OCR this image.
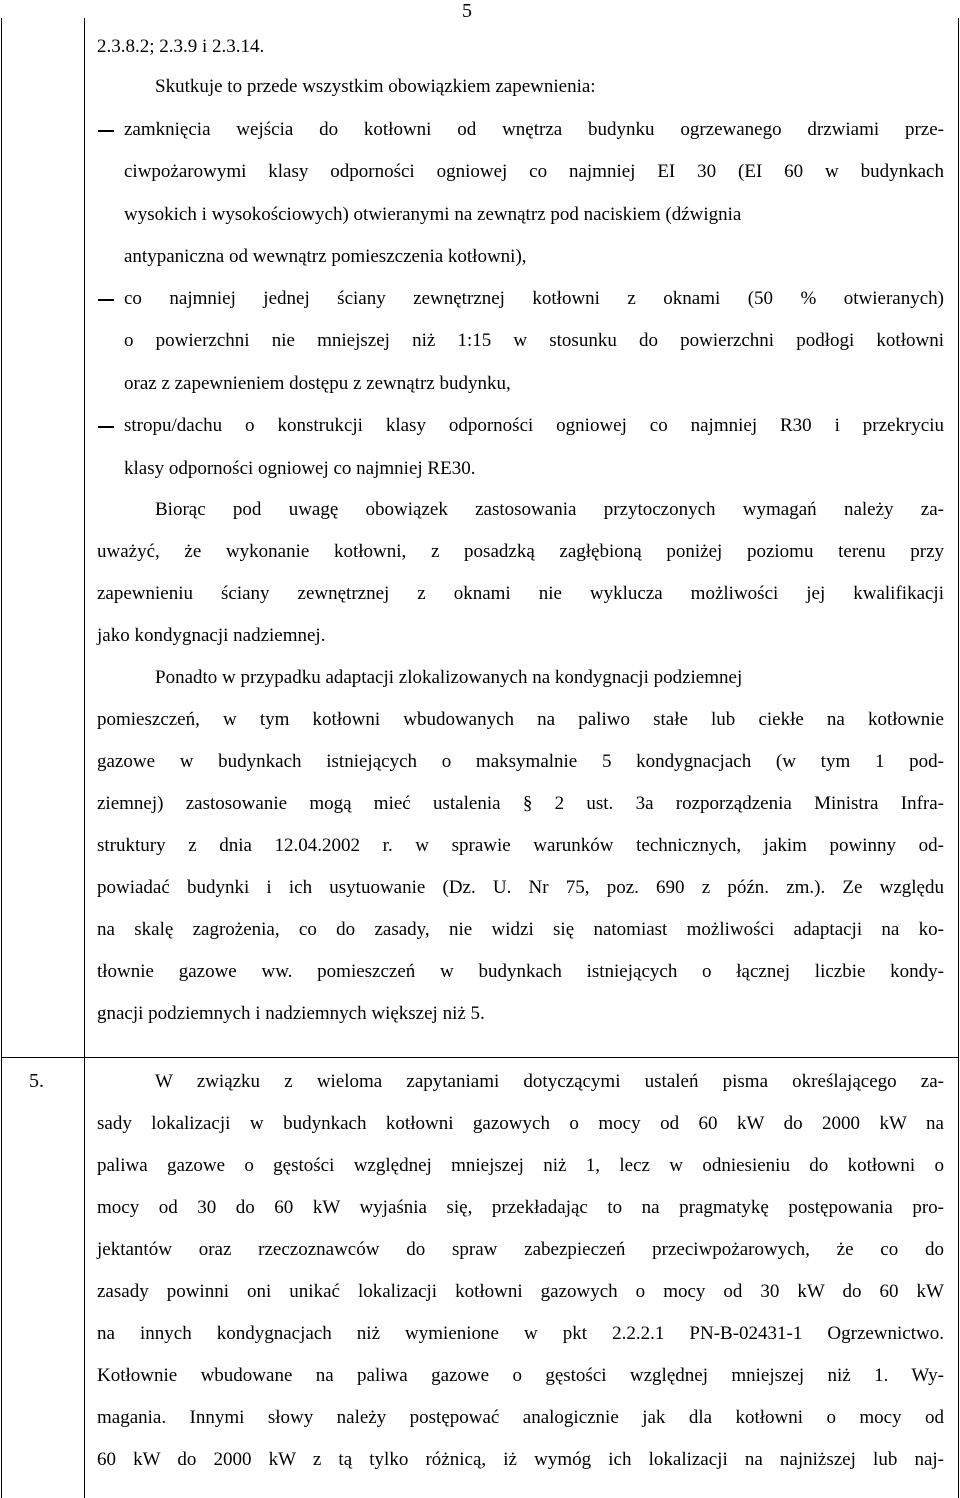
5
5.
2.3.8.2; 2.3.9 i 2.3.14.
Skutkuje to przede wszystkim obowiązkiem zapewnienia:
zamknięcia wejścia do kotłowni od wnętrza budynku ogrzewanego drzwiami prze-
ciwpożarowymi klasy odporności ogniowej co najmniej EI 30 (EI 60 w budynkach
wysokich i wysokościowych) otwieranymi na zewnątrz pod naciskiem (dźwignia
antypaniczna od wewnątrz pomieszczenia kotłowni),
co najmniej jednej ściany zewnętrznej kotłowni z oknami (50 % otwieranych)
o powierzchni nie mniejszej niż 1:15 w stosunku do powierzchni podłogi kotłowni
oraz z zapewnieniem dostępu z zewnątrz budynku,
stropu/dachu o konstrukcji klasy odporności ogniowej co najmniej R30 i przekryciu
klasy odporności ogniowej co najmniej RE30.
Biorąc pod uwagę obowiązek zastosowania przytoczonych wymagań należy za-
uważyć, że wykonanie kotłowni, z posadzką zagłębioną poniżej poziomu terenu przy
zapewnieniu ściany zewnętrznej z oknami nie wyklucza możliwości jej kwalifikacji
jako kondygnacji nadziemnej.
Ponadto w przypadku adaptacji zlokalizowanych na kondygnacji podziemnej
pomieszczeń, w tym kotłowni wbudowanych na paliwo stałe lub ciekłe na kotłownie
gazowe w budynkach istniejących o maksymalnie 5 kondygnacjach (w tym 1 pod-
ziemnej) zastosowanie mogą mieć ustalenia § 2 ust. 3a rozporządzenia Ministra Infra-
struktury z dnia 12.04.2002 r. w sprawie warunków technicznych, jakim powinny od-
powiadać budynki i ich usytuowanie (Dz. U. Nr 75, poz. 690 z późn. zm.). Ze względu
na skalę zagrożenia, co do zasady, nie widzi się natomiast możliwości adaptacji na ko-
tłownie gazowe ww. pomieszczeń w budynkach istniejących o łącznej liczbie kondy-
gnacji podziemnych i nadziemnych większej niż 5.
W związku z wieloma zapytaniami dotyczącymi ustaleń pisma określającego za-
sady lokalizacji w budynkach kotłowni gazowych o mocy od 60 kW do 2000 kW na
paliwa gazowe o gęstości względnej mniejszej niż 1, lecz w odniesieniu do kotłowni o
mocy od 30 do 60 kW wyjaśnia się, przekładając to na pragmatykę postępowania pro-
jektantów oraz rzeczoznawców do spraw zabezpieczeń przeciwpożarowych, że co do
zasady powinni oni unikać lokalizacji kotłowni gazowych o mocy od 30 kW do 60 kW
na innych kondygnacjach niż wymienione w pkt 2.2.2.1 PN-B-02431-1 Ogrzewnictwo.
Kotłownie wbudowane na paliwa gazowe o gęstości względnej mniejszej niż 1. Wy-
magania. Innymi słowy należy postępować analogicznie jak dla kotłowni o mocy od
60 kW do 2000 kW z tą tylko różnicą, iż wymóg ich lokalizacji na najniższej lub naj-
